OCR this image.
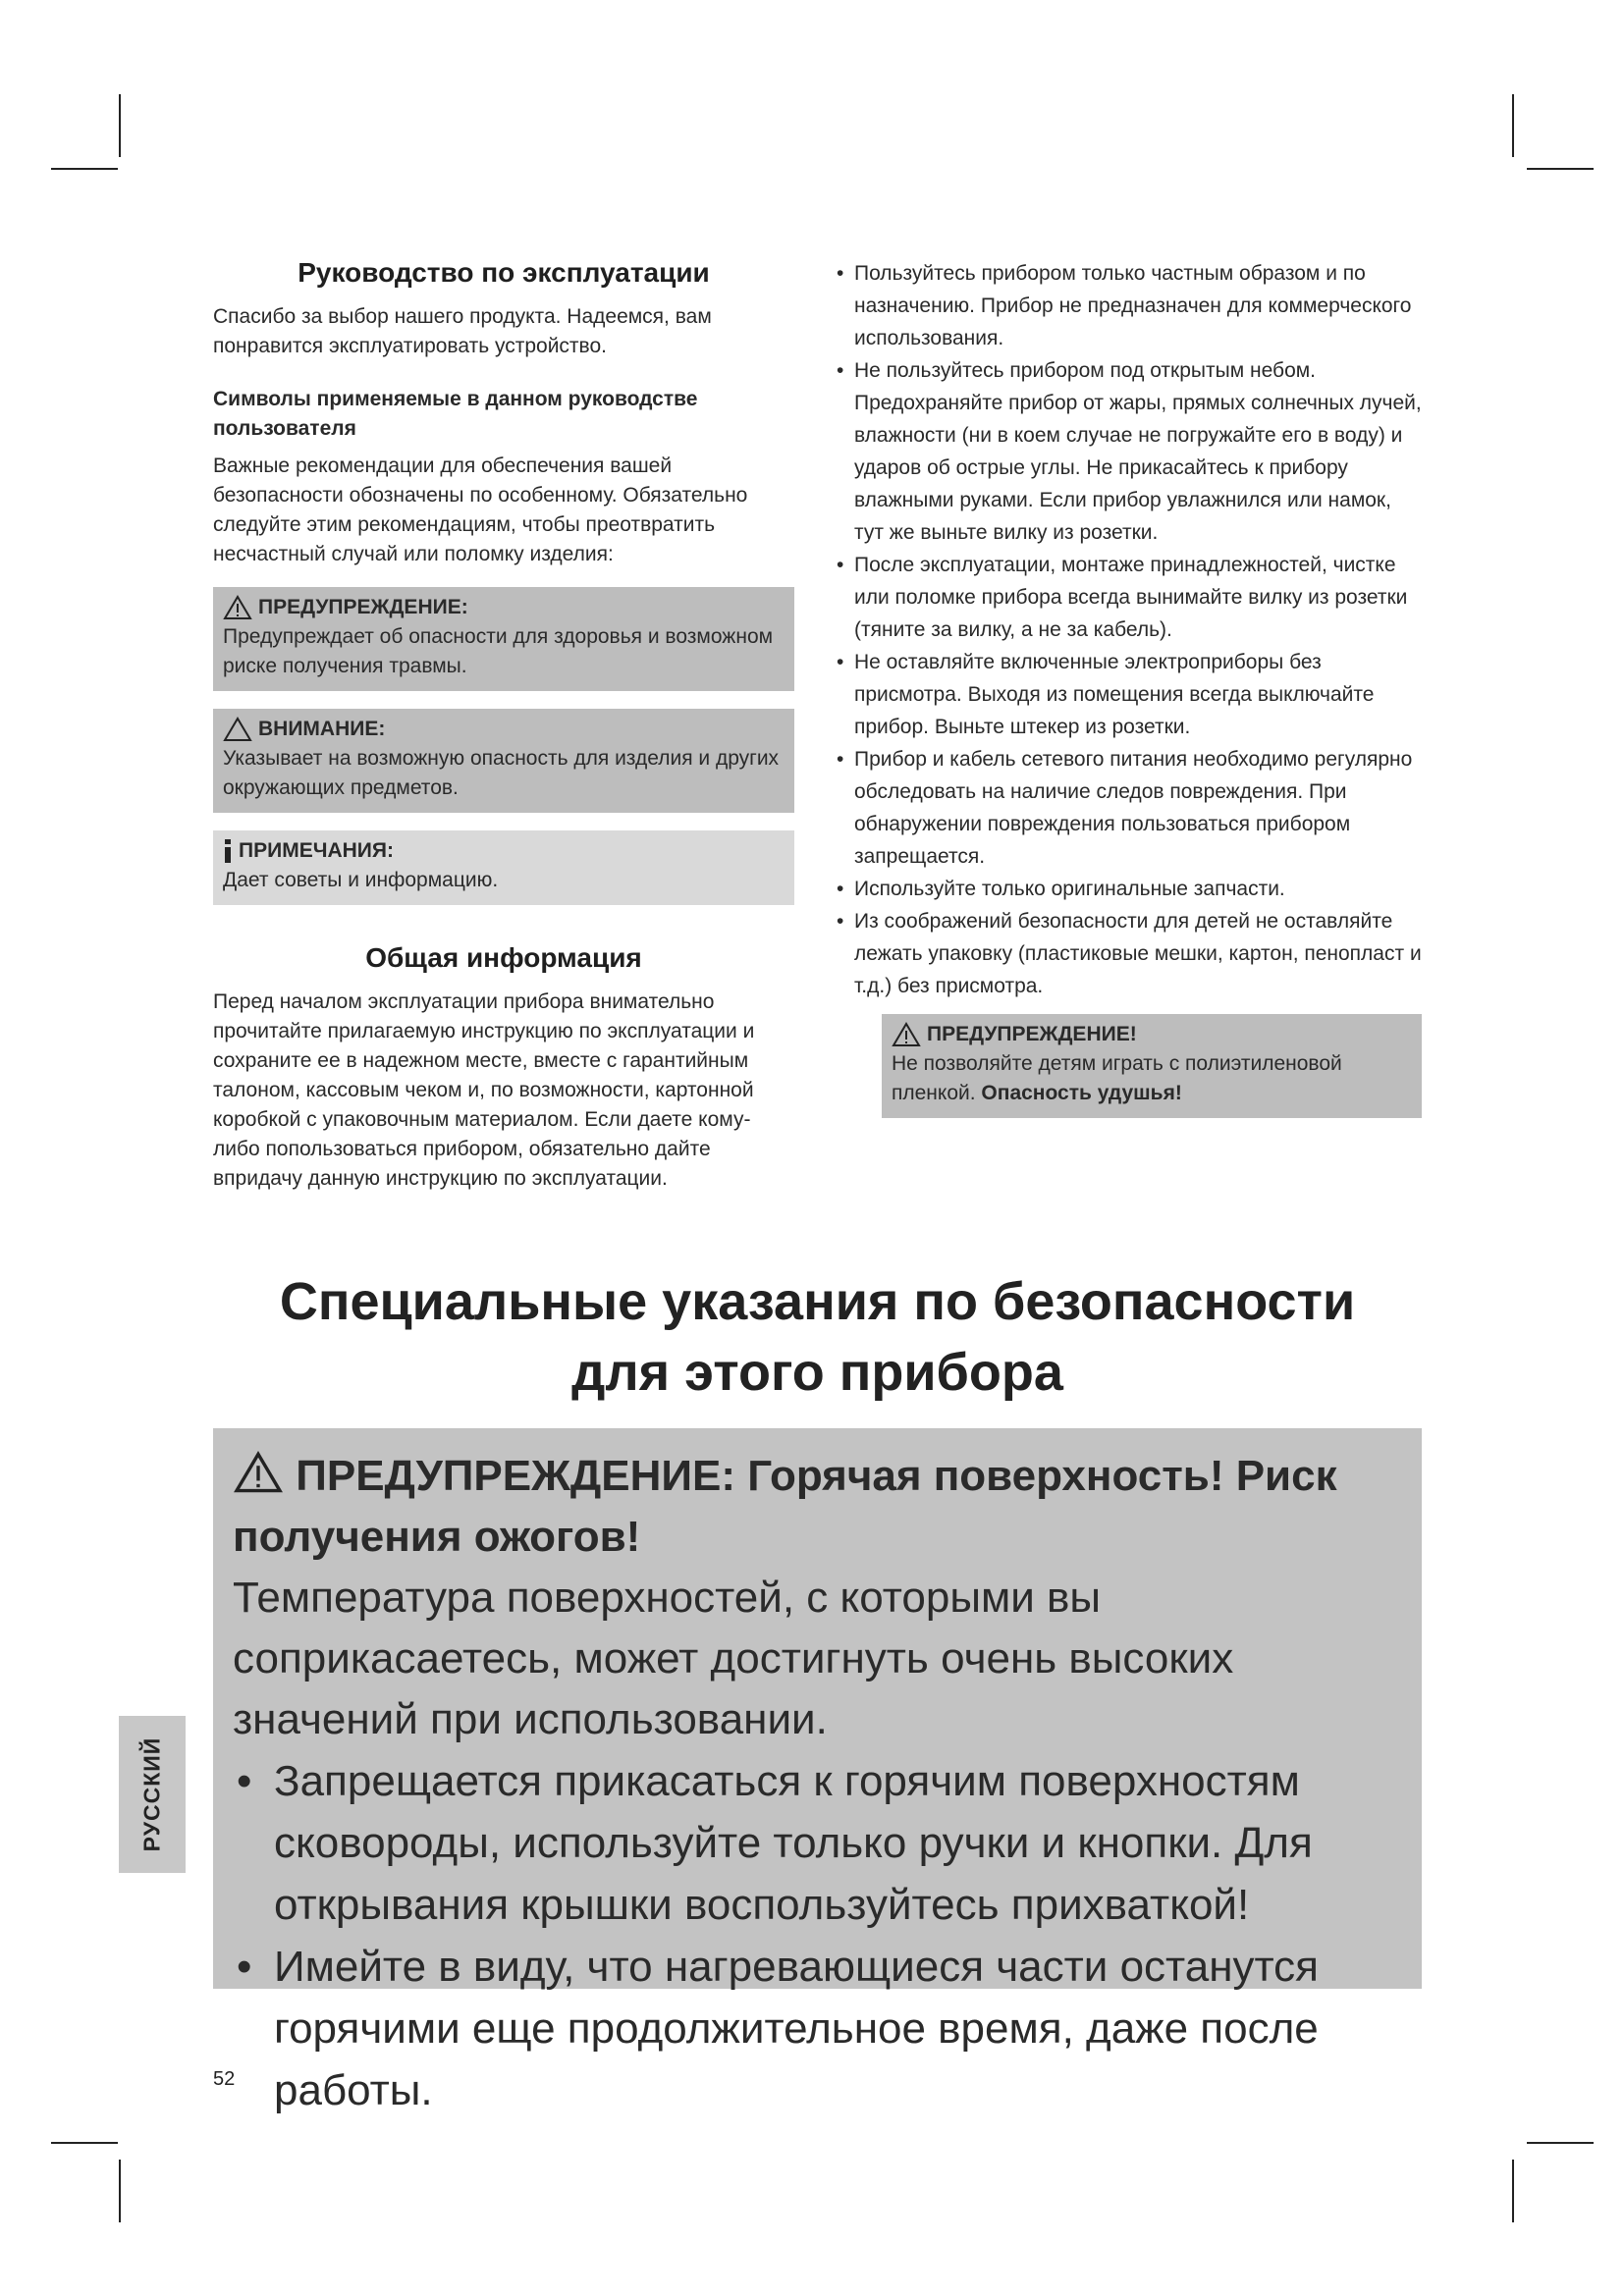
Руководство по эксплуатации

Спасибо за выбор нашего продукта. Надеемся, вам понравится эксплуатировать устройство.

Символы применяемые в данном руководстве пользователя

Важные рекомендации для обеспечения вашей безопасности обозначены по особенному. Обязательно следуйте этим рекомендациям, чтобы преотвратить несчастный случай или поломку изделия:

ПРЕДУПРЕЖДЕНИЕ:
Предупреждает об опасности для здоровья и возможном риске получения травмы.
ВНИМАНИЕ:
Указывает на возможную опасность для изделия и других окружающих предметов.
ПРИМЕЧАНИЯ:
Дает советы и информацию.
Общая информация

Перед началом эксплуатации прибора внимательно прочитайте прилагаемую инструкцию по эксплуатации и сохраните ее в надежном месте, вместе с гарантийным талоном, кассовым чеком и, по возможности, картонной коробкой с упаковочным материалом. Если даете кому-либо попользоваться прибором, обязательно дайте впридачу данную инструкцию по эксплуатации.

• Пользуйтесь прибором только частным образом и по назначению. Прибор не предназначен для коммерческого использования.
• Не пользуйтесь прибором под открытым небом. Предохраняйте прибор от жары, прямых солнечных лучей, влажности (ни в коем случае не погружайте его в воду) и ударов об острые углы. Не прикасайтесь к прибору влажными руками. Если прибор увлажнился или намок, тут же выньте вилку из розетки.
• После эксплуатации, монтаже принадлежностей, чистке или поломке прибора всегда вынимайте вилку из розетки (тяните за вилку, а не за кабель).
• Не оставляйте включенные электроприборы без присмотра. Выходя из помещения всегда выключайте прибор. Выньте штекер из розетки.
• Прибор и кабель сетевого питания необходимо регулярно обследовать на наличие следов повреждения. При обнаружении повреждения пользоваться прибором запрещается.
• Используйте только оригинальные запчасти.
• Из соображений безопасности для детей не оставляйте лежать упаковку (пластиковые мешки, картон, пенопласт и т.д.) без присмотра.
ПРЕДУПРЕЖДЕНИЕ!
Не позволяйте детям играть с полиэтиленовой пленкой. Опасность удушья!
Специальные указания по безопасности
для этого прибора
ПРЕДУПРЕЖДЕНИЕ: Горячая поверхность! Риск получения ожогов!
Температура поверхностей, с которыми вы соприкасаетесь, может достигнуть очень высоких значений при использовании.
• Запрещается прикасаться к горячим поверхностям сковороды, используйте только ручки и кнопки. Для открывания крышки воспользуйтесь прихваткой!
• Имейте в виду, что нагревающиеся части останутся горячими еще продолжительное время, даже после работы.
РУССКИЙ
52
